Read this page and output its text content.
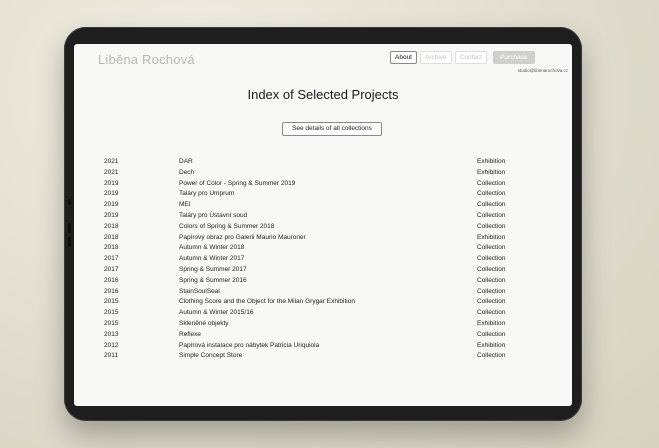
Liběna Rochová	About	Archive	Contact	Purchase
studio@libenarochova.cz
Index of Selected Projects
See details of all collections
2021	DAR	Exhibition
2021	Dech	Exhibition
2019	Power of Color - Spring & Summer 2019	Collection
2019	Taláry pro Umprum	Collection
2019	MEI	Collection
2019	Taláry pro Ústavní soud	Collection
2018	Colors of Spring & Summer 2018	Collection
2018	Papírový obraz pro Galerii Maurio Mauroner	Exhibition
2018	Autumn & Winter 2018	Collection
2017	Autumn & Winter 2017	Collection
2017	Spring & Summer 2017	Collection
2016	Spring & Summer 2016	Collection
2016	StainSoulSeal	Collection
2015	Clothing Score and the Object for the Milan Grygar Exhibition	Collection
2015	Autumn & Winter 2015/16	Collection
2015	Skleněné objekty	Exhibition
2013	Reflexe	Collection
2012	Papírová instalace pro nábytek Patricia Uriquiola	Exhibition
2011	Simple Concept Store	Collection
